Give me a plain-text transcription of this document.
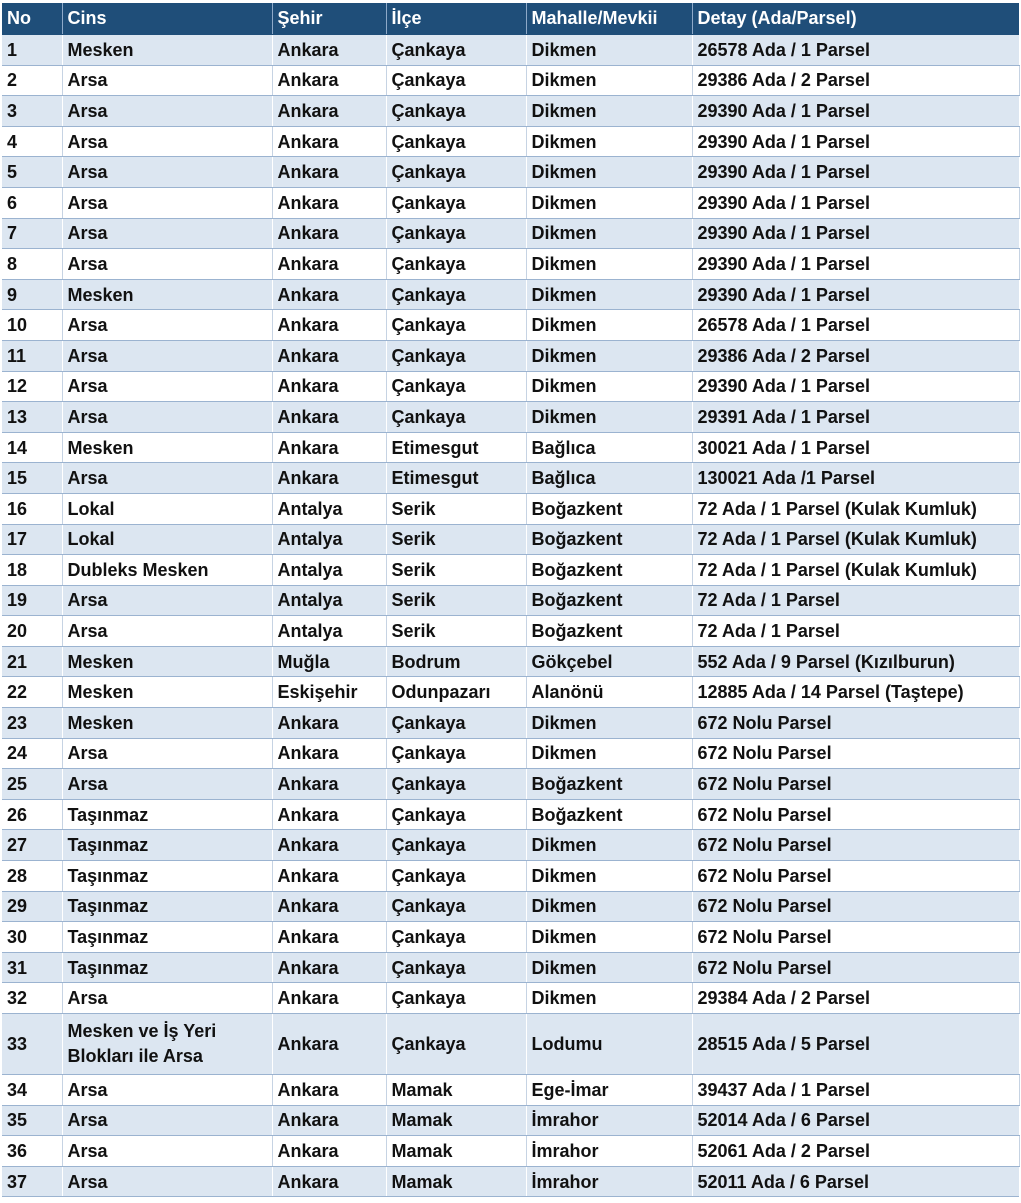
No	Cins	Şehir	İlçe	Mahalle/Mevkii	Detay (Ada/Parsel)
1	Mesken	Ankara	Çankaya	Dikmen	26578 Ada / 1 Parsel
2	Arsa	Ankara	Çankaya	Dikmen	29386 Ada / 2 Parsel
3	Arsa	Ankara	Çankaya	Dikmen	29390 Ada / 1 Parsel
4	Arsa	Ankara	Çankaya	Dikmen	29390 Ada / 1 Parsel
5	Arsa	Ankara	Çankaya	Dikmen	29390 Ada / 1 Parsel
6	Arsa	Ankara	Çankaya	Dikmen	29390 Ada / 1 Parsel
7	Arsa	Ankara	Çankaya	Dikmen	29390 Ada / 1 Parsel
8	Arsa	Ankara	Çankaya	Dikmen	29390 Ada / 1 Parsel
9	Mesken	Ankara	Çankaya	Dikmen	29390 Ada / 1 Parsel
10	Arsa	Ankara	Çankaya	Dikmen	26578 Ada / 1 Parsel
11	Arsa	Ankara	Çankaya	Dikmen	29386 Ada / 2 Parsel
12	Arsa	Ankara	Çankaya	Dikmen	29390 Ada / 1 Parsel
13	Arsa	Ankara	Çankaya	Dikmen	29391 Ada / 1 Parsel
14	Mesken	Ankara	Etimesgut	Bağlıca	30021 Ada / 1 Parsel
15	Arsa	Ankara	Etimesgut	Bağlıca	130021 Ada /1 Parsel
16	Lokal	Antalya	Serik	Boğazkent	72 Ada / 1 Parsel (Kulak Kumluk)
17	Lokal	Antalya	Serik	Boğazkent	72 Ada / 1 Parsel (Kulak Kumluk)
18	Dubleks Mesken	Antalya	Serik	Boğazkent	72 Ada / 1 Parsel (Kulak Kumluk)
19	Arsa	Antalya	Serik	Boğazkent	72 Ada / 1 Parsel
20	Arsa	Antalya	Serik	Boğazkent	72 Ada / 1 Parsel
21	Mesken	Muğla	Bodrum	Gökçebel	552 Ada / 9 Parsel (Kızılburun)
22	Mesken	Eskişehir	Odunpazarı	Alanönü	12885 Ada / 14 Parsel (Taştepe)
23	Mesken	Ankara	Çankaya	Dikmen	672 Nolu Parsel
24	Arsa	Ankara	Çankaya	Dikmen	672 Nolu Parsel
25	Arsa	Ankara	Çankaya	Boğazkent	672 Nolu Parsel
26	Taşınmaz	Ankara	Çankaya	Boğazkent	672 Nolu Parsel
27	Taşınmaz	Ankara	Çankaya	Dikmen	672 Nolu Parsel
28	Taşınmaz	Ankara	Çankaya	Dikmen	672 Nolu Parsel
29	Taşınmaz	Ankara	Çankaya	Dikmen	672 Nolu Parsel
30	Taşınmaz	Ankara	Çankaya	Dikmen	672 Nolu Parsel
31	Taşınmaz	Ankara	Çankaya	Dikmen	672 Nolu Parsel
32	Arsa	Ankara	Çankaya	Dikmen	29384 Ada / 2 Parsel
33	Mesken ve İş Yeri Blokları ile Arsa	Ankara	Çankaya	Lodumu	28515 Ada / 5 Parsel
34	Arsa	Ankara	Mamak	Ege-İmar	39437 Ada / 1 Parsel
35	Arsa	Ankara	Mamak	İmrahor	52014 Ada / 6 Parsel
36	Arsa	Ankara	Mamak	İmrahor	52061 Ada / 2 Parsel
37	Arsa	Ankara	Mamak	İmrahor	52011 Ada / 6 Parsel
